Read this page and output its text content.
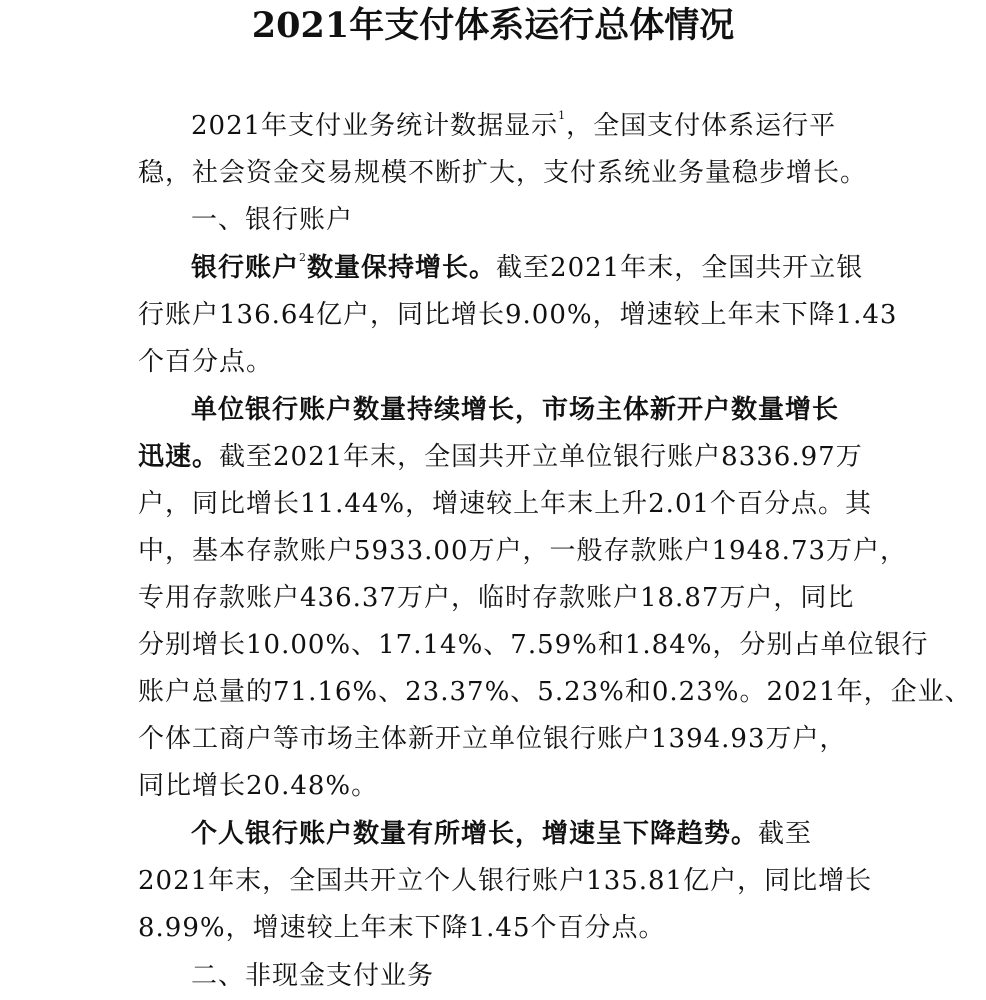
2021年支付体系运行总体情况
2021年支付业务统计数据显示$^1$，全国支付体系运行平
稳，社会资金交易规模不断扩大，支付系统业务量稳步增长。
一、银行账户
银行账户$^2$数量保持增长。截至2021年末，全国共开立银
行账户136.64亿户，同比增长9.00%，增速较上年末下降1.43
个百分点。
单位银行账户数量持续增长，市场主体新开户数量增长
迅速。截至2021年末，全国共开立单位银行账户8336.97万
户，同比增长11.44%，增速较上年末上升2.01个百分点。其
中，基本存款账户5933.00万户，一般存款账户1948.73万户，
专用存款账户436.37万户，临时存款账户18.87万户，同比
分别增长10.00%、17.14%、7.59%和1.84%，分别占单位银行
账户总量的71.16%、23.37%、5.23%和0.23%。2021年，企业、
个体工商户等市场主体新开立单位银行账户1394.93万户，
同比增长20.48%。
个人银行账户数量有所增长，增速呈下降趋势。截至
2021年末，全国共开立个人银行账户135.81亿户，同比增长
8.99%，增速较上年末下降1.45个百分点。
二、非现金支付业务
